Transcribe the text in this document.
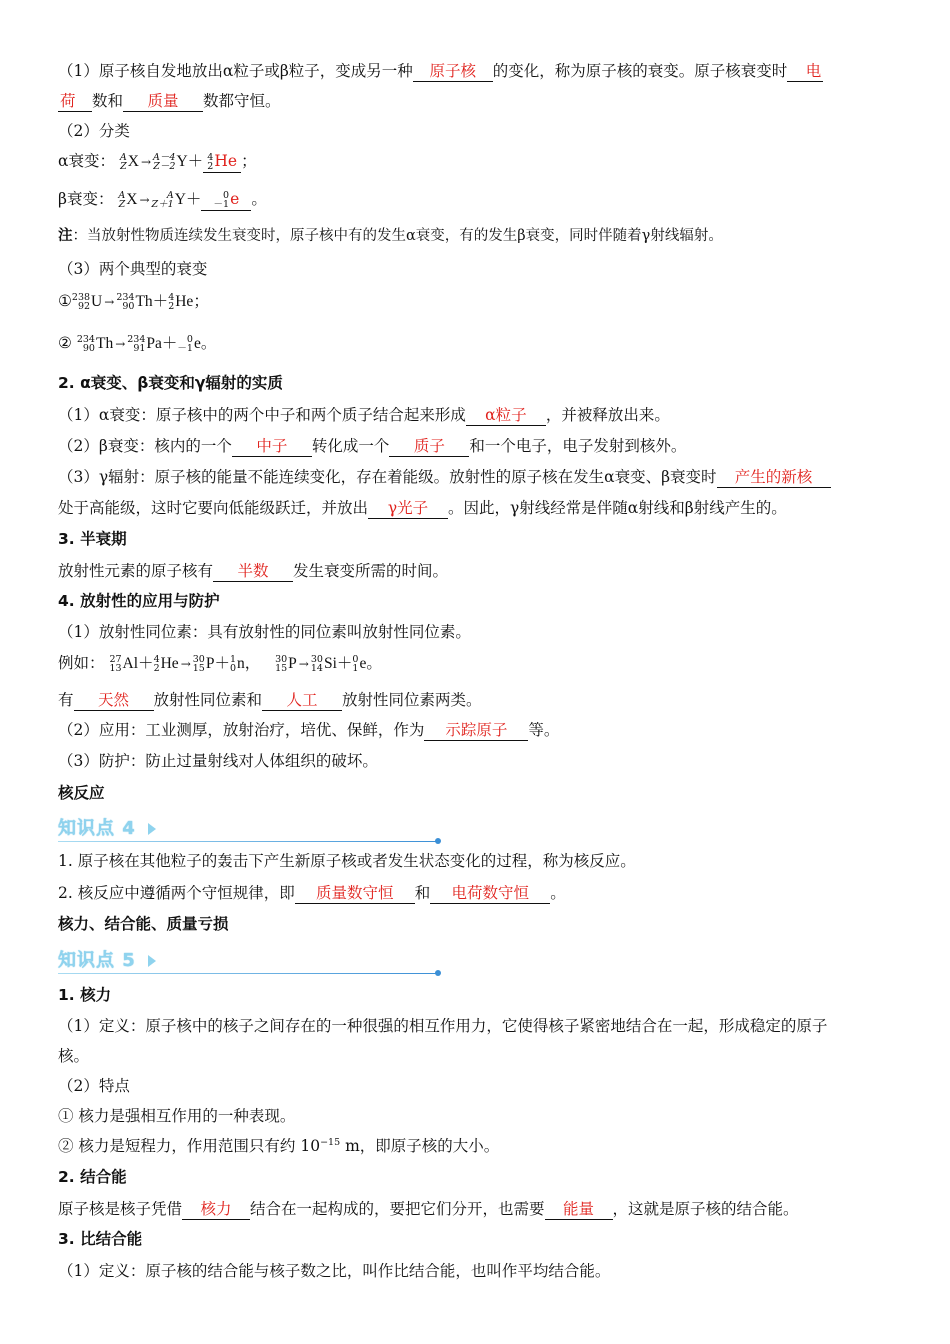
（1）原子核自发地放出α粒子或β粒子，变成另一种 原子核 的变化，称为原子核的衰变。原子核衰变时 电
荷 数和 质量 数都守恒。
（2）分类
α衰变： A
Z X → A－4
Z－2 Y＋ 4
2 He ；
β衰变： A
Z X →	A
Z＋1 Y＋	0
－1 e 。
注：当放射性物质连续发生衰变时，原子核中有的发生α衰变，有的发生β衰变，同时伴随着γ射线辐射。
（3）两个典型的衰变
① 238
92 U → 234
90 Th＋ 4
2 He；
② 234
90 Th → 234
91 Pa＋	0
－1 e。
2. α衰变、β衰变和γ辐射的实质
（1）α衰变：原子核中的两个中子和两个质子结合起来形成 α粒子 ，并被释放出来。
（2）β衰变：核内的一个 中子 转化成一个 质子 和一个电子，电子发射到核外。
（3）γ辐射：原子核的能量不能连续变化，存在着能级。放射性的原子核在发生α衰变、β衰变时 产生的新核
处于高能级，这时它要向低能级跃迁，并放出 γ光子 。因此，γ射线经常是伴随α射线和β射线产生的。
3. 半衰期
放射性元素的原子核有 半数 发生衰变所需的时间。
4. 放射性的应用与防护
（1）放射性同位素：具有放射性的同位素叫放射性同位素。
例如： 27
13 Al＋ 4
2 He → 30
15 P＋ 1
0 n， 30
15 P → 30
14 Si＋ 0
1 e。
有 天然 放射性同位素和 人工 放射性同位素两类。
（2）应用：工业测厚，放射治疗，培优、保鲜，作为 示踪原子 等。
（3）防护：防止过量射线对人体组织的破坏。
核反应
知识点 4
1. 原子核在其他粒子的轰击下产生新原子核或者发生状态变化的过程，称为核反应。
2. 核反应中遵循两个守恒规律，即 质量数守恒 和 电荷数守恒 。
核力、结合能、质量亏损
知识点 5
1. 核力
（1）定义：原子核中的核子之间存在的一种很强的相互作用力，它使得核子紧密地结合在一起，形成稳定的原子
核。
（2）特点
① 核力是强相互作用的一种表现。
② 核力是短程力，作用范围只有约 $10^{-15}$ m，即原子核的大小。
2. 结合能
原子核是核子凭借 核力 结合在一起构成的，要把它们分开，也需要 能量 ，这就是原子核的结合能。
3. 比结合能
（1）定义：原子核的结合能与核子数之比，叫作比结合能，也叫作平均结合能。
